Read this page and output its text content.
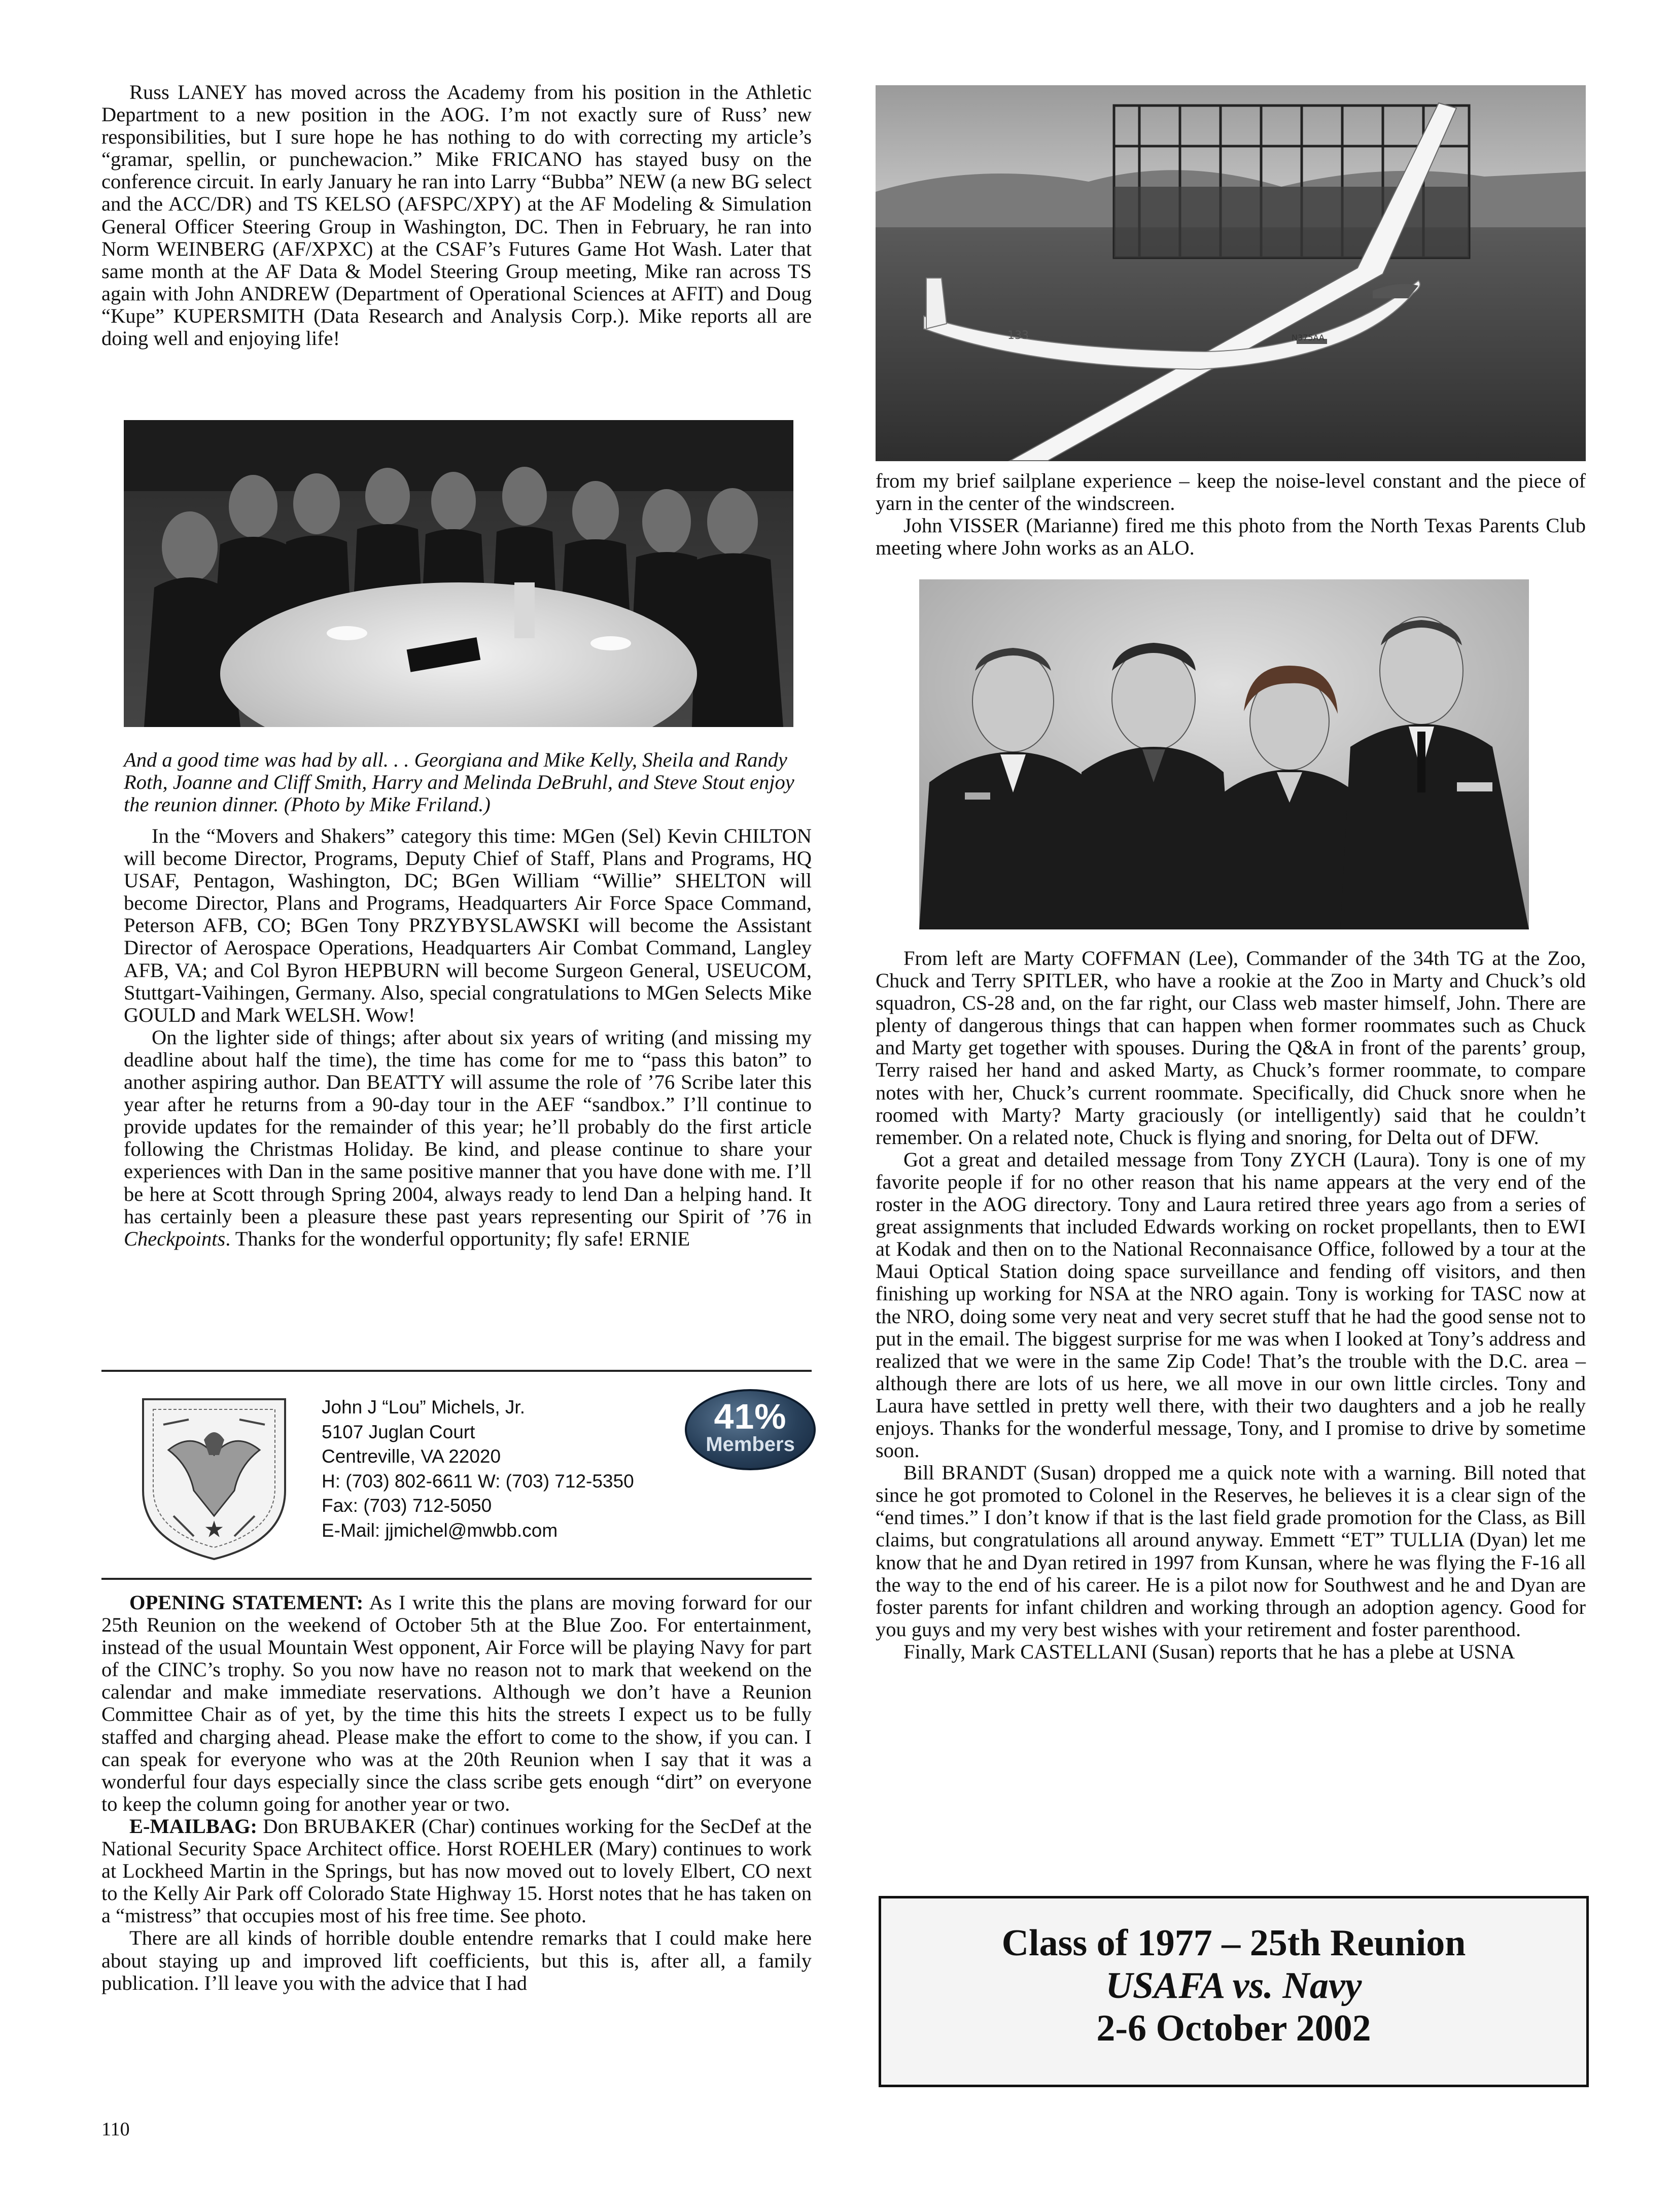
Russ LANEY has moved across the Academy from his position in the Athletic Department to a new position in the AOG. I’m not exactly sure of Russ’ new responsibilities, but I sure hope he has nothing to do with correcting my article’s “gramar, spellin, or punchewacion.” Mike FRICANO has stayed busy on the conference circuit. In early January he ran into Larry “Bubba” NEW (a new BG select and the ACC/DR) and TS KELSO (AFSPC/XPY) at the AF Modeling & Simulation General Officer Steering Group in Washington, DC. Then in February, he ran into Norm WEINBERG (AF/XPXC) at the CSAF’s Futures Game Hot Wash. Later that same month at the AF Data & Model Steering Group meeting, Mike ran across TS again with John ANDREW (Department of Operational Sciences at AFIT) and Doug “Kupe” KUPERSMITH (Data Research and Analysis Corp.). Mike reports all are doing well and enjoying life!

And a good time was had by all. . . Georgiana and Mike Kelly, Sheila and Randy Roth, Joanne and Cliff Smith, Harry and Melinda DeBruhl, and Steve Stout enjoy the reunion dinner. (Photo by Mike Friland.)

In the “Movers and Shakers” category this time: MGen (Sel) Kevin CHILTON will become Director, Programs, Deputy Chief of Staff, Plans and Programs, HQ USAF, Pentagon, Washington, DC; BGen William “Willie” SHELTON will become Director, Plans and Programs, Headquarters Air Force Space Command, Peterson AFB, CO; BGen Tony PRZYBYSLAWSKI will become the Assistant Director of Aerospace Operations, Headquarters Air Combat Command, Langley AFB, VA; and Col Byron HEPBURN will become Surgeon General, USEUCOM, Stuttgart-Vaihingen, Germany. Also, special congratulations to MGen Selects Mike GOULD and Mark WELSH. Wow!

On the lighter side of things; after about six years of writing (and missing my deadline about half the time), the time has come for me to “pass this baton” to another aspiring author. Dan BEATTY will assume the role of ’76 Scribe later this year after he returns from a 90-day tour in the AEF “sandbox.” I’ll continue to provide updates for the remainder of this year; he’ll probably do the first article following the Christmas Holiday. Be kind, and please continue to share your experiences with Dan in the same positive manner that you have done with me. I’ll be here at Scott through Spring 2004, always ready to lend Dan a helping hand. It has certainly been a pleasure these past years representing our Spirit of ’76 in Checkpoints. Thanks for the wonderful opportunity; fly safe! ERNIE

★
John J “Lou” Michels, Jr.
5107 Juglan Court
Centreville, VA 22020
H: (703) 802-6611 W: (703) 712-5350
Fax: (703) 712-5050
E-Mail: jjmichel@mwbb.com
41%
Members

OPENING STATEMENT: As I write this the plans are moving forward for our 25th Reunion on the weekend of October 5th at the Blue Zoo. For entertainment, instead of the usual Mountain West opponent, Air Force will be playing Navy for part of the CINC’s trophy. So you now have no reason not to mark that weekend on the calendar and make immediate reservations. Although we don’t have a Reunion Committee Chair as of yet, by the time this hits the streets I expect us to be fully staffed and charging ahead. Please make the effort to come to the show, if you can. I can speak for everyone who was at the 20th Reunion when I say that it was a wonderful four days especially since the class scribe gets enough “dirt” on everyone to keep the column going for another year or two.

E-MAILBAG: Don BRUBAKER (Char) continues working for the SecDef at the National Security Space Architect office. Horst ROEHLER (Mary) continues to work at Lockheed Martin in the Springs, but has now moved out to lovely Elbert, CO next to the Kelly Air Park off Colorado State Highway 15. Horst notes that he has taken on a “mistress” that occupies most of his free time. See photo.

There are all kinds of horrible double entendre remarks that I could make here about staying up and improved lift coefficients, but this is, after all, a family publication. I’ll leave you with the advice that I had

110
133	N375AA

from my brief sailplane experience – keep the noise-level constant and the piece of yarn in the center of the windscreen.

John VISSER (Marianne) fired me this photo from the North Texas Parents Club meeting where John works as an ALO.

From left are Marty COFFMAN (Lee), Commander of the 34th TG at the Zoo, Chuck and Terry SPITLER, who have a rookie at the Zoo in Marty and Chuck’s old squadron, CS-28 and, on the far right, our Class web master himself, John. There are plenty of dangerous things that can happen when former roommates such as Chuck and Marty get together with spouses. During the Q&A in front of the parents’ group, Terry raised her hand and asked Marty, as Chuck’s former roommate, to compare notes with her, Chuck’s current roommate. Specifically, did Chuck snore when he roomed with Marty? Marty graciously (or intelligently) said that he couldn’t remember. On a related note, Chuck is flying and snoring, for Delta out of DFW.

Got a great and detailed message from Tony ZYCH (Laura). Tony is one of my favorite people if for no other reason that his name appears at the very end of the roster in the AOG directory. Tony and Laura retired three years ago from a series of great assignments that included Edwards working on rocket propellants, then to EWI at Kodak and then on to the National Reconnaisance Office, followed by a tour at the Maui Optical Station doing space surveillance and fending off visitors, and then finishing up working for NSA at the NRO again. Tony is working for TASC now at the NRO, doing some very neat and very secret stuff that he had the good sense not to put in the email. The biggest surprise for me was when I looked at Tony’s address and realized that we were in the same Zip Code! That’s the trouble with the D.C. area – although there are lots of us here, we all move in our own little circles. Tony and Laura have settled in pretty well there, with their two daughters and a job he really enjoys. Thanks for the wonderful message, Tony, and I promise to drive by sometime soon.

Bill BRANDT (Susan) dropped me a quick note with a warning. Bill noted that since he got promoted to Colonel in the Reserves, he believes it is a clear sign of the “end times.” I don’t know if that is the last field grade promotion for the Class, as Bill claims, but congratulations all around anyway. Emmett “ET” TULLIA (Dyan) let me know that he and Dyan retired in 1997 from Kunsan, where he was flying the F-16 all the way to the end of his career. He is a pilot now for Southwest and he and Dyan are foster parents for infant children and working through an adoption agency. Good for you guys and my very best wishes with your retirement and foster parenthood.

Finally, Mark CASTELLANI (Susan) reports that he has a plebe at USNA

Class of 1977 – 25th Reunion
USAFA vs. Navy
2-6 October 2002
